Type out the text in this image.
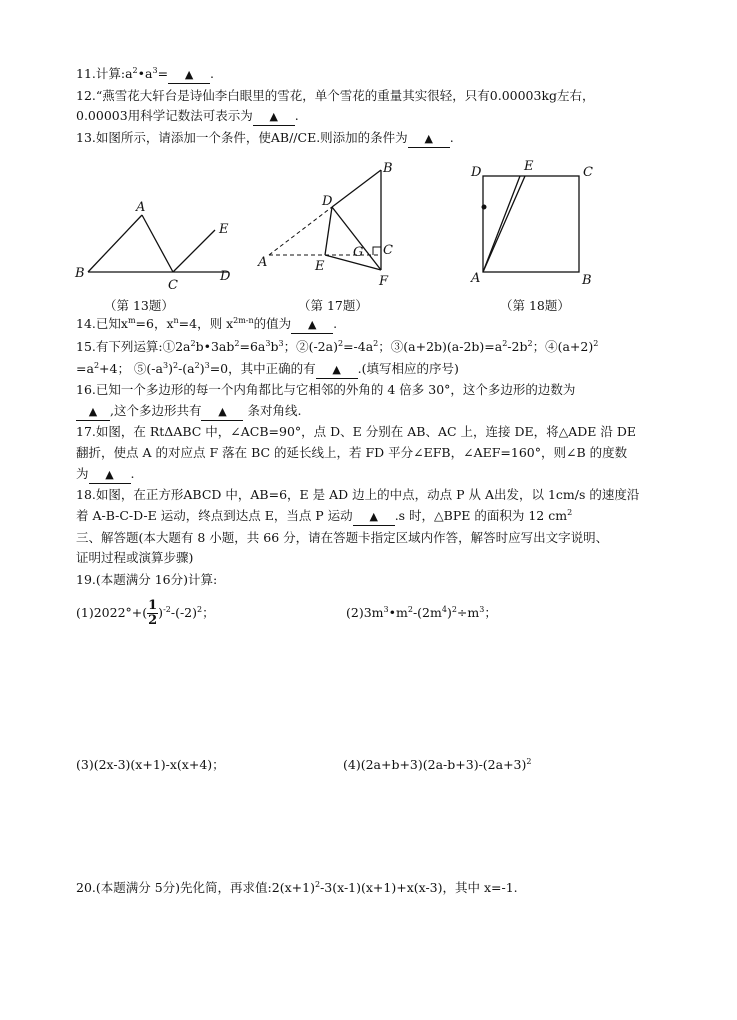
11.计算$:a^2•a^3=$ ▲ .
12.“燕雪花大轩台是诗仙李白眼里的雪花，单个雪花的重量其实很轻，只有0.00003kg左右，
0.00003用科学记数法可表示为 ▲ .
13.如图所示，请添加一个条件，使AB//CE.则添加的条件为 ▲ .
A
B
C
D
E
（第 13题）
A
B
C
D
E
F
G
（第 17题）
D	E	C
A	B
（第 18题）
14.已知$x^m=6$，$x^n=4$，则 $x^{2m-n}$的值为 ▲ .
15.有下列运算$:①2a^2b•3ab^2=6a^3b^3$；$②(-2a)^2=-4a^2$；$③(a+2b)(a-2b)=a^2-2b^2$；$④(a+2)^2$
$=a^2+4$； $⑤(-a^3)^2-(a^2)^3=0$，其中正确的有 ▲ .(填写相应的序号)
16.已知一个多边形的每一个内角都比与它相邻的外角的 4 倍多 30°，这个多边形的边数为
▲ ,这个多边形共有 ▲ 条对角线.
17.如图，在 RtΔABC 中，∠ACB=90°，点 D、E 分别在 AB、AC 上，连接 DE，将△ADE 沿 DE
翻折，使点 A 的对应点 F 落在 BC 的延长线上，若 FD 平分∠EFB，∠AEF=160°，则∠B 的度数
为 ▲ .
18.如图，在正方形ABCD 中，AB=6，E 是 AD 边上的中点，动点 P 从 A出发，以 1cm/s 的速度沿
着 A-B-C-D-E 运动，终点到达点 E，当点 P 运动 ▲ .s 时，△BPE 的面积为 12 $cm^2$
三、解答题(本大题有 8 小题，共 66 分，请在答题卡指定区域内作答，解答时应写出文字说明、
证明过程或演算步骤)
19.(本题满分 16分)计算:
$(1)2022^\circ+( \frac{1}{2} )^{-2}-(-2)^2$；	$(2)3m^3•m^2-(2m^4)^2\div m^3$；
(3)(2x-3)(x+1)-x(x+4)；	$(4)(2a+b+3)(2a-b+3)-(2a+3)^2$
20.(本题满分 5分)先化简，再求值$:2(x+1)^2-3(x-1)(x+1)+x(x-3)$，其中 x=-1.
